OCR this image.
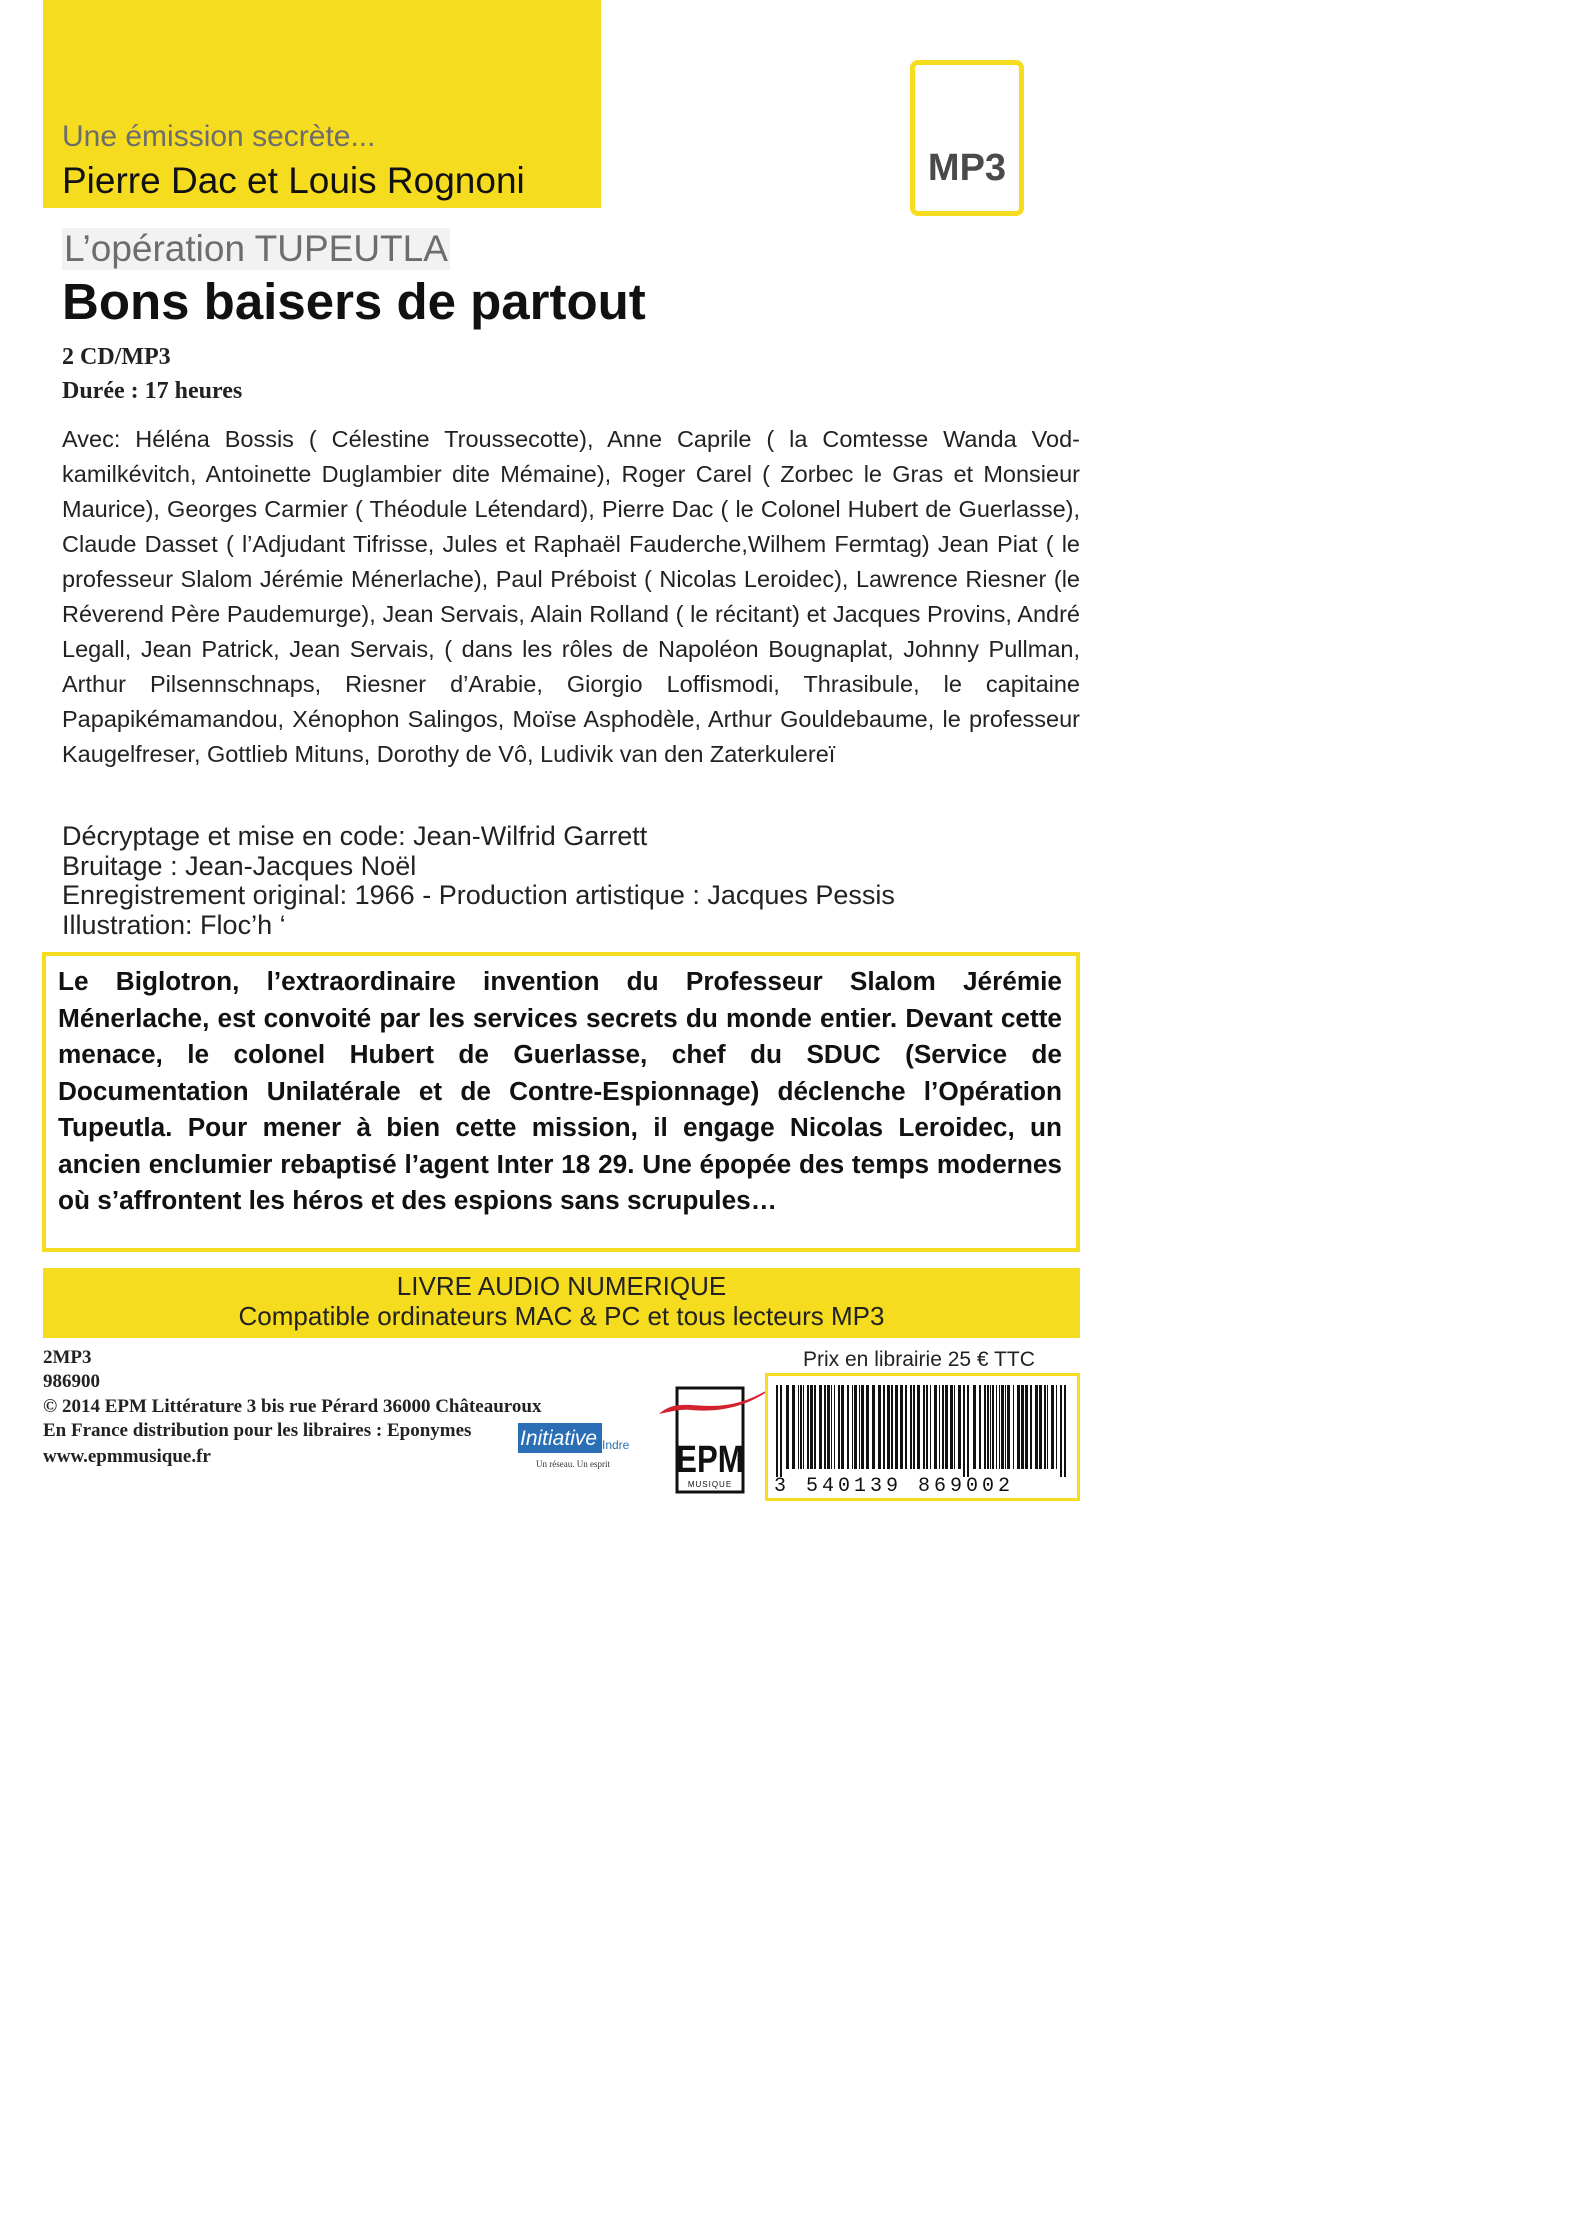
Une émission secrète...
Pierre Dac et Louis Rognoni	MP3
L’opération TUPEUTLA
Bons baisers de partout
2 CD/MP3
Durée : 17 heures
Avec: Héléna Bossis ( Célestine Troussecotte), Anne Caprile ( la Comtesse Wanda Vodkamilkévitch, Antoinette Duglambier dite Mémaine), Roger Carel ( Zorbec le Gras et Monsieur Maurice), Georges Carmier ( Théodule Létendard), Pierre Dac ( le Colonel Hubert de Guerlasse), Claude Dasset ( l’Adjudant Tifrisse, Jules et Raphaël Fauderche,Wilhem Fermtag) Jean Piat ( le professeur Slalom Jérémie Ménerlache), Paul Préboist ( Nicolas Leroidec), Lawrence Riesner (le Réverend Père Paudemurge), Jean Servais, Alain Rolland ( le récitant) et Jacques Provins, André Legall, Jean Patrick, Jean Servais, ( dans les rôles de Napoléon Bougnaplat, Johnny Pullman, Arthur Pilsennschnaps, Riesner d’Arabie, Giorgio Loffismodi, Thrasibule, le capitaine Papapikémamandou, Xénophon Salingos, Moïse Asphodèle, Arthur Gouldebaume, le professeur Kaugelfreser, Gottlieb Mituns, Dorothy de Vô, Ludivik van den Zaterkulereï
Décryptage et mise en code: Jean-Wilfrid Garrett
Bruitage : Jean-Jacques Noël
Enregistrement original: 1966 - Production artistique : Jacques Pessis
Illustration: Floc’h ‘
Le Biglotron, l’extraordinaire invention du Professeur Slalom Jérémie Ménerlache, est convoité par les services secrets du monde entier. Devant cette menace, le colonel Hubert de Guerlasse, chef du SDUC (Service de Documentation Unilatérale et de Contre-Espionnage) déclenche l’Opération Tupeutla. Pour mener à bien cette mission, il engage Nicolas Leroidec, un ancien enclumier rebaptisé l’agent Inter 18 29. Une épopée des temps modernes où s’affrontent les héros et des espions sans scrupules…
LIVRE AUDIO NUMERIQUE
Compatible ordinateurs MAC & PC et tous lecteurs MP3
2MP3
986900
© 2014 EPM Littérature 3 bis rue Pérard 36000 Châteauroux
En France distribution pour les libraires : Eponymes
www.epmmusique.fr
Initiative Indre
Un réseau. Un esprit EPM
MUSIQUE
Prix en librairie 25 € TTC
3 540139 869002
